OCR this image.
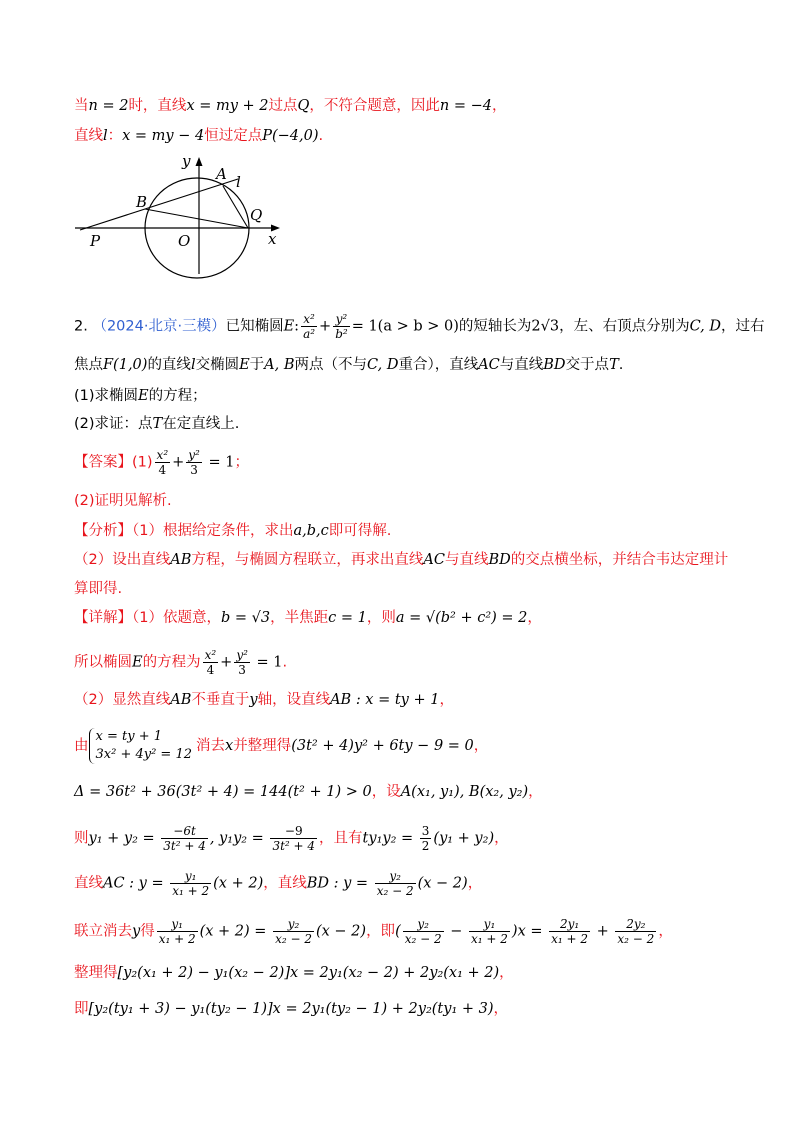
当n = 2时，直线x = my + 2过点Q，不符合题意，因此n = −4，
直线l：x = my − 4恒过定点P(−4,0).
y
x
A l
B
Q
P	O
2. （2024·北京·三模）已知椭圆E: $\frac{\text{x²}}{\text{a²}} + \frac{\text{y²}}{\text{b²}} = 1(a > b > 0)$的短轴长为2√3，左、右顶点分别为C, D，过右
焦点F(1,0)的直线l交椭圆E于A, B两点（不与C, D重合），直线AC与直线BD交于点T.
(1)求椭圆E的方程；
(2)求证：点T在定直线上.
【答案】$(1) \frac{\text{x²}}{4} + \frac{\text{y²}}{3} = 1$；
(2)证明见解析.
【分析】（1）根据给定条件，求出a,b,c即可得解.
（2）设出直线AB方程，与椭圆方程联立，再求出直线AC与直线BD的交点横坐标，并结合韦达定理计
算即得.
【详解】（1）依题意，b = √3，半焦距c = 1，则a = √(b² + c²) = 2，
所以椭圆E的方程为 $\frac{\text{x²}}{4} + \frac{\text{y²}}{3} = 1$.
（2）显然直线AB不垂直于y轴，设直线AB : x = ty + 1，
由
x = ty + 1
3x² + 4y² = 12
消去x并整理得(3t² + 4)y² + 6ty − 9 = 0，
Δ = 36t² + 36(3t² + 4) = 144(t² + 1) > 0，设A(x₁, y₁), B(x₂, y₂)，
则$y_1 + y_2 = \frac{-6t}{\text{3t² + 4}}$ , $y_1y_2 = \frac{-9}{\text{3t² + 4}}$ ，且有$ty_1y_2 = \frac{3}{2} (y_1 + y_2)$，
直线AC : $y = \frac{\text{y₁}}{\text{x₁ + 2}} (x + 2)$，直线BD : $y = \frac{\text{y₂}}{\text{x₂ − 2}} (x - 2)$，
联立消去y得 $\frac{\text{y₁}}{\text{x₁ + 2}} (x + 2) = \frac{\text{y₂}}{\text{x₂ − 2}} (x - 2)$，即( $\frac{\text{y₂}}{\text{x₂ − 2}} - \frac{\text{y₁}}{\text{x₁ + 2}} )x = \frac{\text{2y₁}}{\text{x₁ + 2}} + \frac{\text{2y₂}}{\text{x₂ − 2}}$ ，
整理得[y₂(x₁ + 2) − y₁(x₂ − 2)]x = 2y₁(x₂ − 2) + 2y₂(x₁ + 2)，
即[y₂(ty₁ + 3) − y₁(ty₂ − 1)]x = 2y₁(ty₂ − 1) + 2y₂(ty₁ + 3)，
